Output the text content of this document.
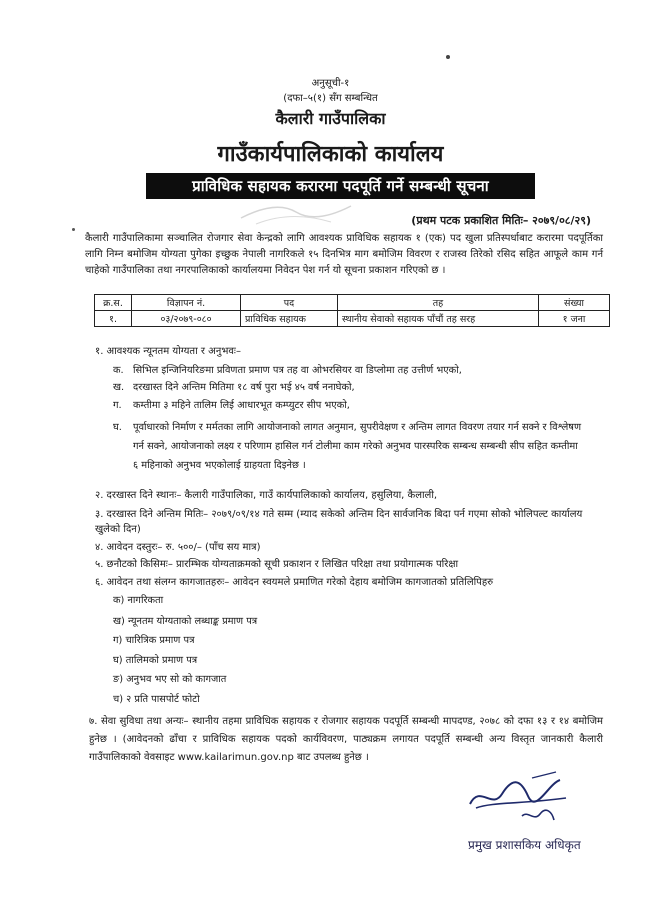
अनुसूची-१
(दफा–५(१) सँग सम्बन्धित
कैलारी गाउँपालिका
गाउँकार्यपालिकाको कार्यालय
प्राविधिक सहायक करारमा पदपूर्ति गर्ने सम्बन्धी सूचना
(प्रथम पटक प्रकाशित मितिः– २०७९/०८/२९)
कैलारी गाउँपालिकामा सञ्चालित रोजगार सेवा केन्द्रको लागि आवश्यक प्राविधिक सहायक १ (एक) पद खुला प्रतिस्पर्धाबाट करारमा पदपूर्तिका लागि निम्न बमोजिम योग्यता पुगेका इच्छुक नेपाली नागरिकले १५ दिनभित्र माग बमोजिम विवरण र राजस्व तिरेको रसिद सहित आफूले काम गर्न चाहेको गाउँपालिका तथा नगरपालिकाको कार्यालयमा निवेदन पेश गर्न यो सूचना प्रकाशन गरिएको छ ।
क्र.स.	विज्ञापन नं.	पद	तह	संख्या
१.	०३/२०७९-०८०	प्राविधिक सहायक	स्थानीय सेवाको सहायक पाँचौं तह सरह	१ जना
१. आवश्यक न्यूनतम योग्यता र अनुभवः–
क. सिभिल इन्जिनियरिङमा प्रविणता प्रमाण पत्र तह वा ओभरसियर वा डिप्लोमा तह उत्तीर्ण भएको,
ख. दरखास्त दिने अन्तिम मितिमा १८ वर्ष पुरा भई ४५ वर्ष ननाघेको,
ग. कम्तीमा ३ महिने तालिम लिई आधारभूत कम्प्युटर सीप भएको,
घ.	पूर्वाधारको निर्माण र मर्मतका लागि आयोजनाको लागत अनुमान, सुपरीवेक्षण र अन्तिम लागत विवरण तयार गर्न सक्ने र विश्लेषण गर्न सक्ने, आयोजनाको लक्ष्य र परिणाम हासिल गर्न टोलीमा काम गरेको अनुभव पारस्परिक सम्बन्ध सम्बन्धी सीप सहित कम्तीमा ६ महिनाको अनुभव भएकोलाई ग्राहयता दिइनेछ ।
२. दरखास्त दिने स्थानः– कैलारी गाउँपालिका, गाउँ कार्यपालिकाको कार्यालय, हसुलिया, कैलाली,
३. दरखास्त दिने अन्तिम मितिः– २०७९/०९/१४ गते सम्म (म्याद सकेको अन्तिम दिन सार्वजनिक बिदा पर्न गएमा सोको भोलिपल्ट कार्यालय खुलेको दिन)
४. आवेदन दस्तुरः– रु. ५००/– (पाँच सय मात्र)
५. छनौटको किसिमः– प्रारम्भिक योग्यताक्रमको सूची प्रकाशन र लिखित परिक्षा तथा प्रयोगात्मक परिक्षा
६. आवेदन तथा संलग्न कागजातहरुः– आवेदन स्वयमले प्रमाणित गरेको देहाय बमोजिम कागजातको प्रतिलिपिहरु
क) नागरिकता
ख) न्यूनतम योग्यताको लब्धाङ्क प्रमाण पत्र
ग) चारित्रिक प्रमाण पत्र
घ) तालिमको प्रमाण पत्र
ङ) अनुभव भए सो को कागजात
च) २ प्रति पासपोर्ट फोटो
७. सेवा सुविधा तथा अन्यः– स्थानीय तहमा प्राविधिक सहायक र रोजगार सहायक पदपूर्ति सम्बन्धी मापदण्ड, २०७८ को दफा १३ र १४ बमोजिम हुनेछ । (आवेदनको ढाँचा र प्राविधिक सहायक पदको कार्यविवरण, पाठ्यक्रम लगायत पदपूर्ति सम्बन्धी अन्य विस्तृत जानकारी कैलारी गाउँपालिकाको वेवसाइट www.kailarimun.gov.np बाट उपलब्ध हुनेछ ।
प्रमुख प्रशासकिय अधिकृत
